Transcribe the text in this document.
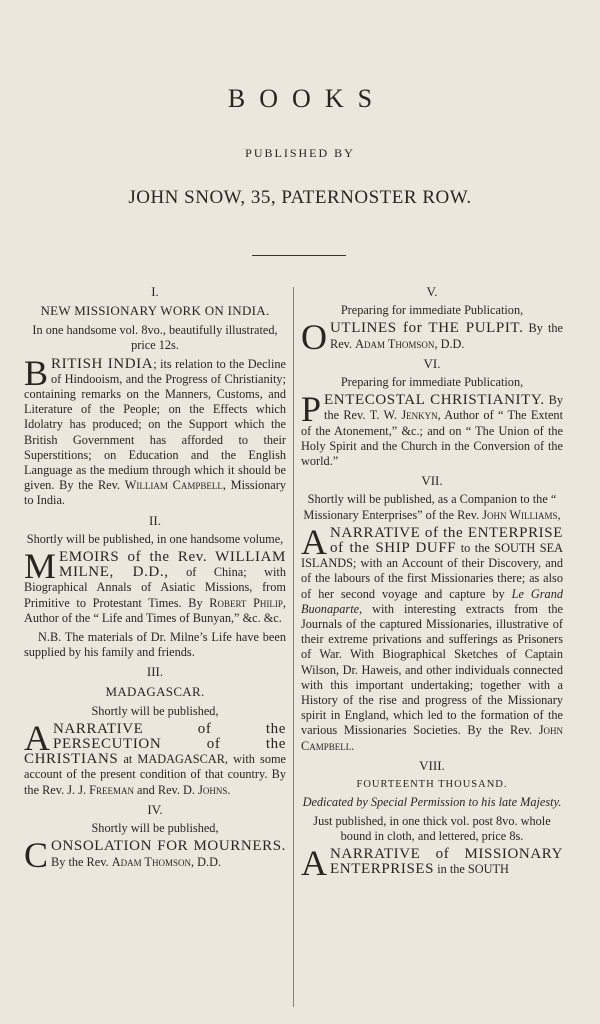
BOOKS
PUBLISHED BY
JOHN SNOW, 35, PATERNOSTER ROW.

I.

NEW MISSIONARY WORK ON INDIA.

In one handsome vol. 8vo., beautifully illustrated, price 12s.

BRITISH INDIA; its relation to the Decline of Hindooism, and the Progress of Christianity; containing remarks on the Manners, Customs, and Literature of the People; on the Effects which Idolatry has produced; on the Support which the British Government has afforded to their Superstitions; on Education and the English Language as the medium through which it should be given. By the Rev. William Campbell, Missionary to India.

II.

Shortly will be published, in one handsome volume,

MEMOIRS of the Rev. WILLIAM MILNE, D.D., of China; with Biographical Annals of Asiatic Missions, from Primitive to Protestant Times. By Robert Philip, Author of the “ Life and Times of Bunyan,” &c. &c.

N.B. The materials of Dr. Milne’s Life have been supplied by his family and friends.

III.

MADAGASCAR.

Shortly will be published,

ANARRATIVE of the PERSECUTION of the CHRISTIANS at MADAGASCAR, with some account of the present condition of that country. By the Rev. J. J. Freeman and Rev. D. Johns.

IV.

Shortly will be published,

CONSOLATION FOR MOURNERS. By the Rev. Adam Thomson, D.D.

V.

Preparing for immediate Publication,

OUTLINES for THE PULPIT. By the Rev. Adam Thomson, D.D.

VI.

Preparing for immediate Publication,

PENTECOSTAL CHRISTIANITY. By the Rev. T. W. Jenkyn, Author of “ The Extent of the Atonement,” &c.; and on “ The Union of the Holy Spirit and the Church in the Conversion of the world.”

VII.

Shortly will be published, as a Companion to the “ Missionary Enterprises” of the Rev. John Williams,

ANARRATIVE of the ENTERPRISE of the SHIP DUFF to the SOUTH SEA ISLANDS; with an Account of their Discovery, and of the labours of the first Missionaries there; as also of her second voyage and capture by Le Grand Buonaparte, with interesting extracts from the Journals of the captured Missionaries, illustrative of their extreme privations and sufferings as Prisoners of War. With Biographical Sketches of Captain Wilson, Dr. Haweis, and other individuals connected with this important undertaking; together with a History of the rise and progress of the Missionary spirit in England, which led to the formation of the various Missionaries Societies. By the Rev. John Campbell.

VIII.

FOURTEENTH THOUSAND.

Dedicated by Special Permission to his late Majesty.

Just published, in one thick vol. post 8vo. whole bound in cloth, and lettered, price 8s.

ANARRATIVE of MISSIONARY ENTERPRISES in the SOUTH
